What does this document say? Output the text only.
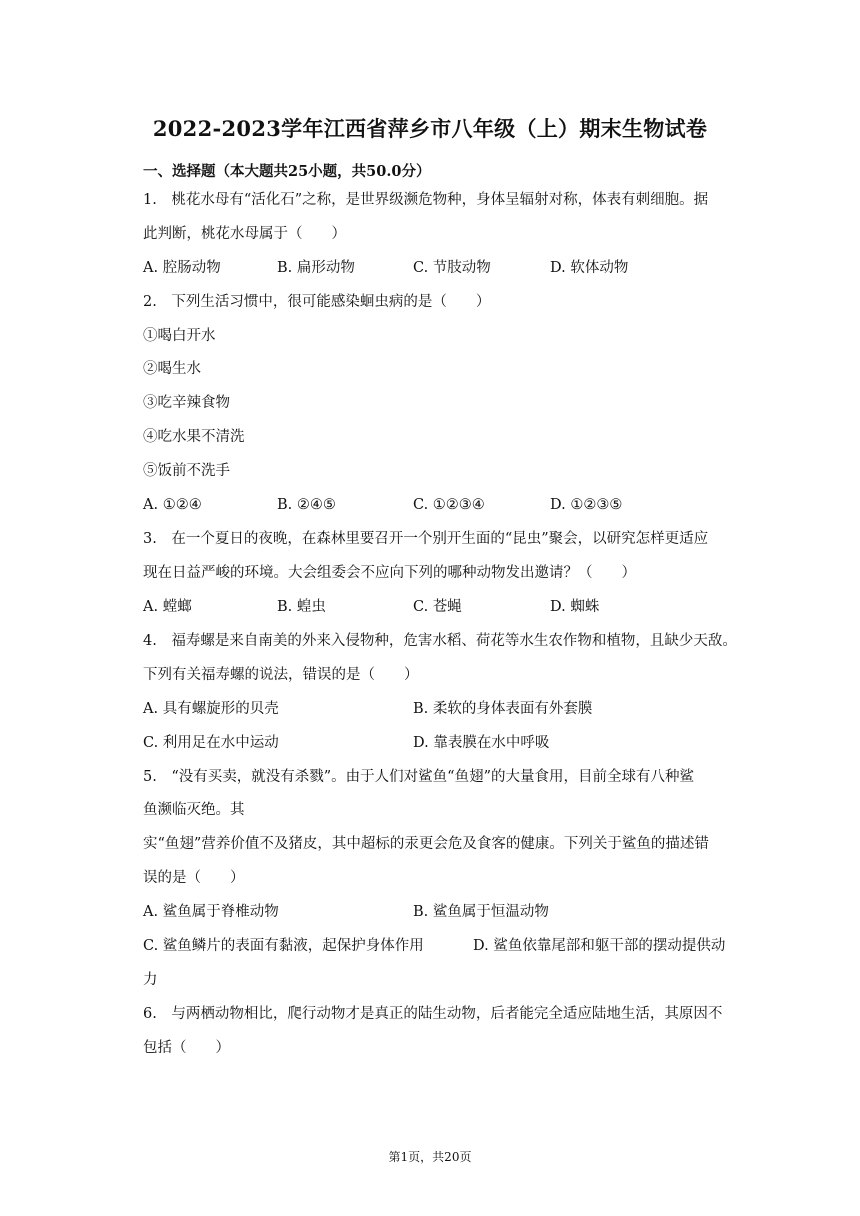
2022-2023学年江西省萍乡市八年级（上）期末生物试卷
一、选择题（本大题共25小题，共50.0分）
1.　桃花水母有“活化石”之称，是世界级濒危物种，身体呈辐射对称，体表有刺细胞。据
此判断，桃花水母属于（　　）
A. 腔肠动物	B. 扁形动物	C. 节肢动物	D. 软体动物
2.　下列生活习惯中，很可能感染蛔虫病的是（　　）
①喝白开水
②喝生水
③吃辛辣食物
④吃水果不清洗
⑤饭前不洗手
A. ①②④	B. ②④⑤	C. ①②③④	D. ①②③⑤
3.　在一个夏日的夜晚，在森林里要召开一个别开生面的“昆虫”聚会，以研究怎样更适应
现在日益严峻的环境。大会组委会不应向下列的哪种动物发出邀请？（　　）
A. 螳螂	B. 蝗虫	C. 苍蝇	D. 蜘蛛
4.　福寿螺是来自南美的外来入侵物种，危害水稻、荷花等水生农作物和植物，且缺少天敌。
下列有关福寿螺的说法，错误的是（　　）
A. 具有螺旋形的贝壳	B. 柔软的身体表面有外套膜
C. 利用足在水中运动	D. 靠表膜在水中呼吸
5.　“没有买卖，就没有杀戮”。由于人们对鲨鱼“鱼翅”的大量食用，目前全球有八种鲨
鱼濒临灭绝。其
实“鱼翅”营养价值不及猪皮，其中超标的汞更会危及食客的健康。下列关于鲨鱼的描述错
误的是（　　）
A. 鲨鱼属于脊椎动物	B. 鲨鱼属于恒温动物
C. 鲨鱼鳞片的表面有黏液，起保护身体作用	D. 鲨鱼依靠尾部和躯干部的摆动提供动
力
6.　与两栖动物相比，爬行动物才是真正的陆生动物，后者能完全适应陆地生活，其原因不
包括（　　）
第1页，共20页
